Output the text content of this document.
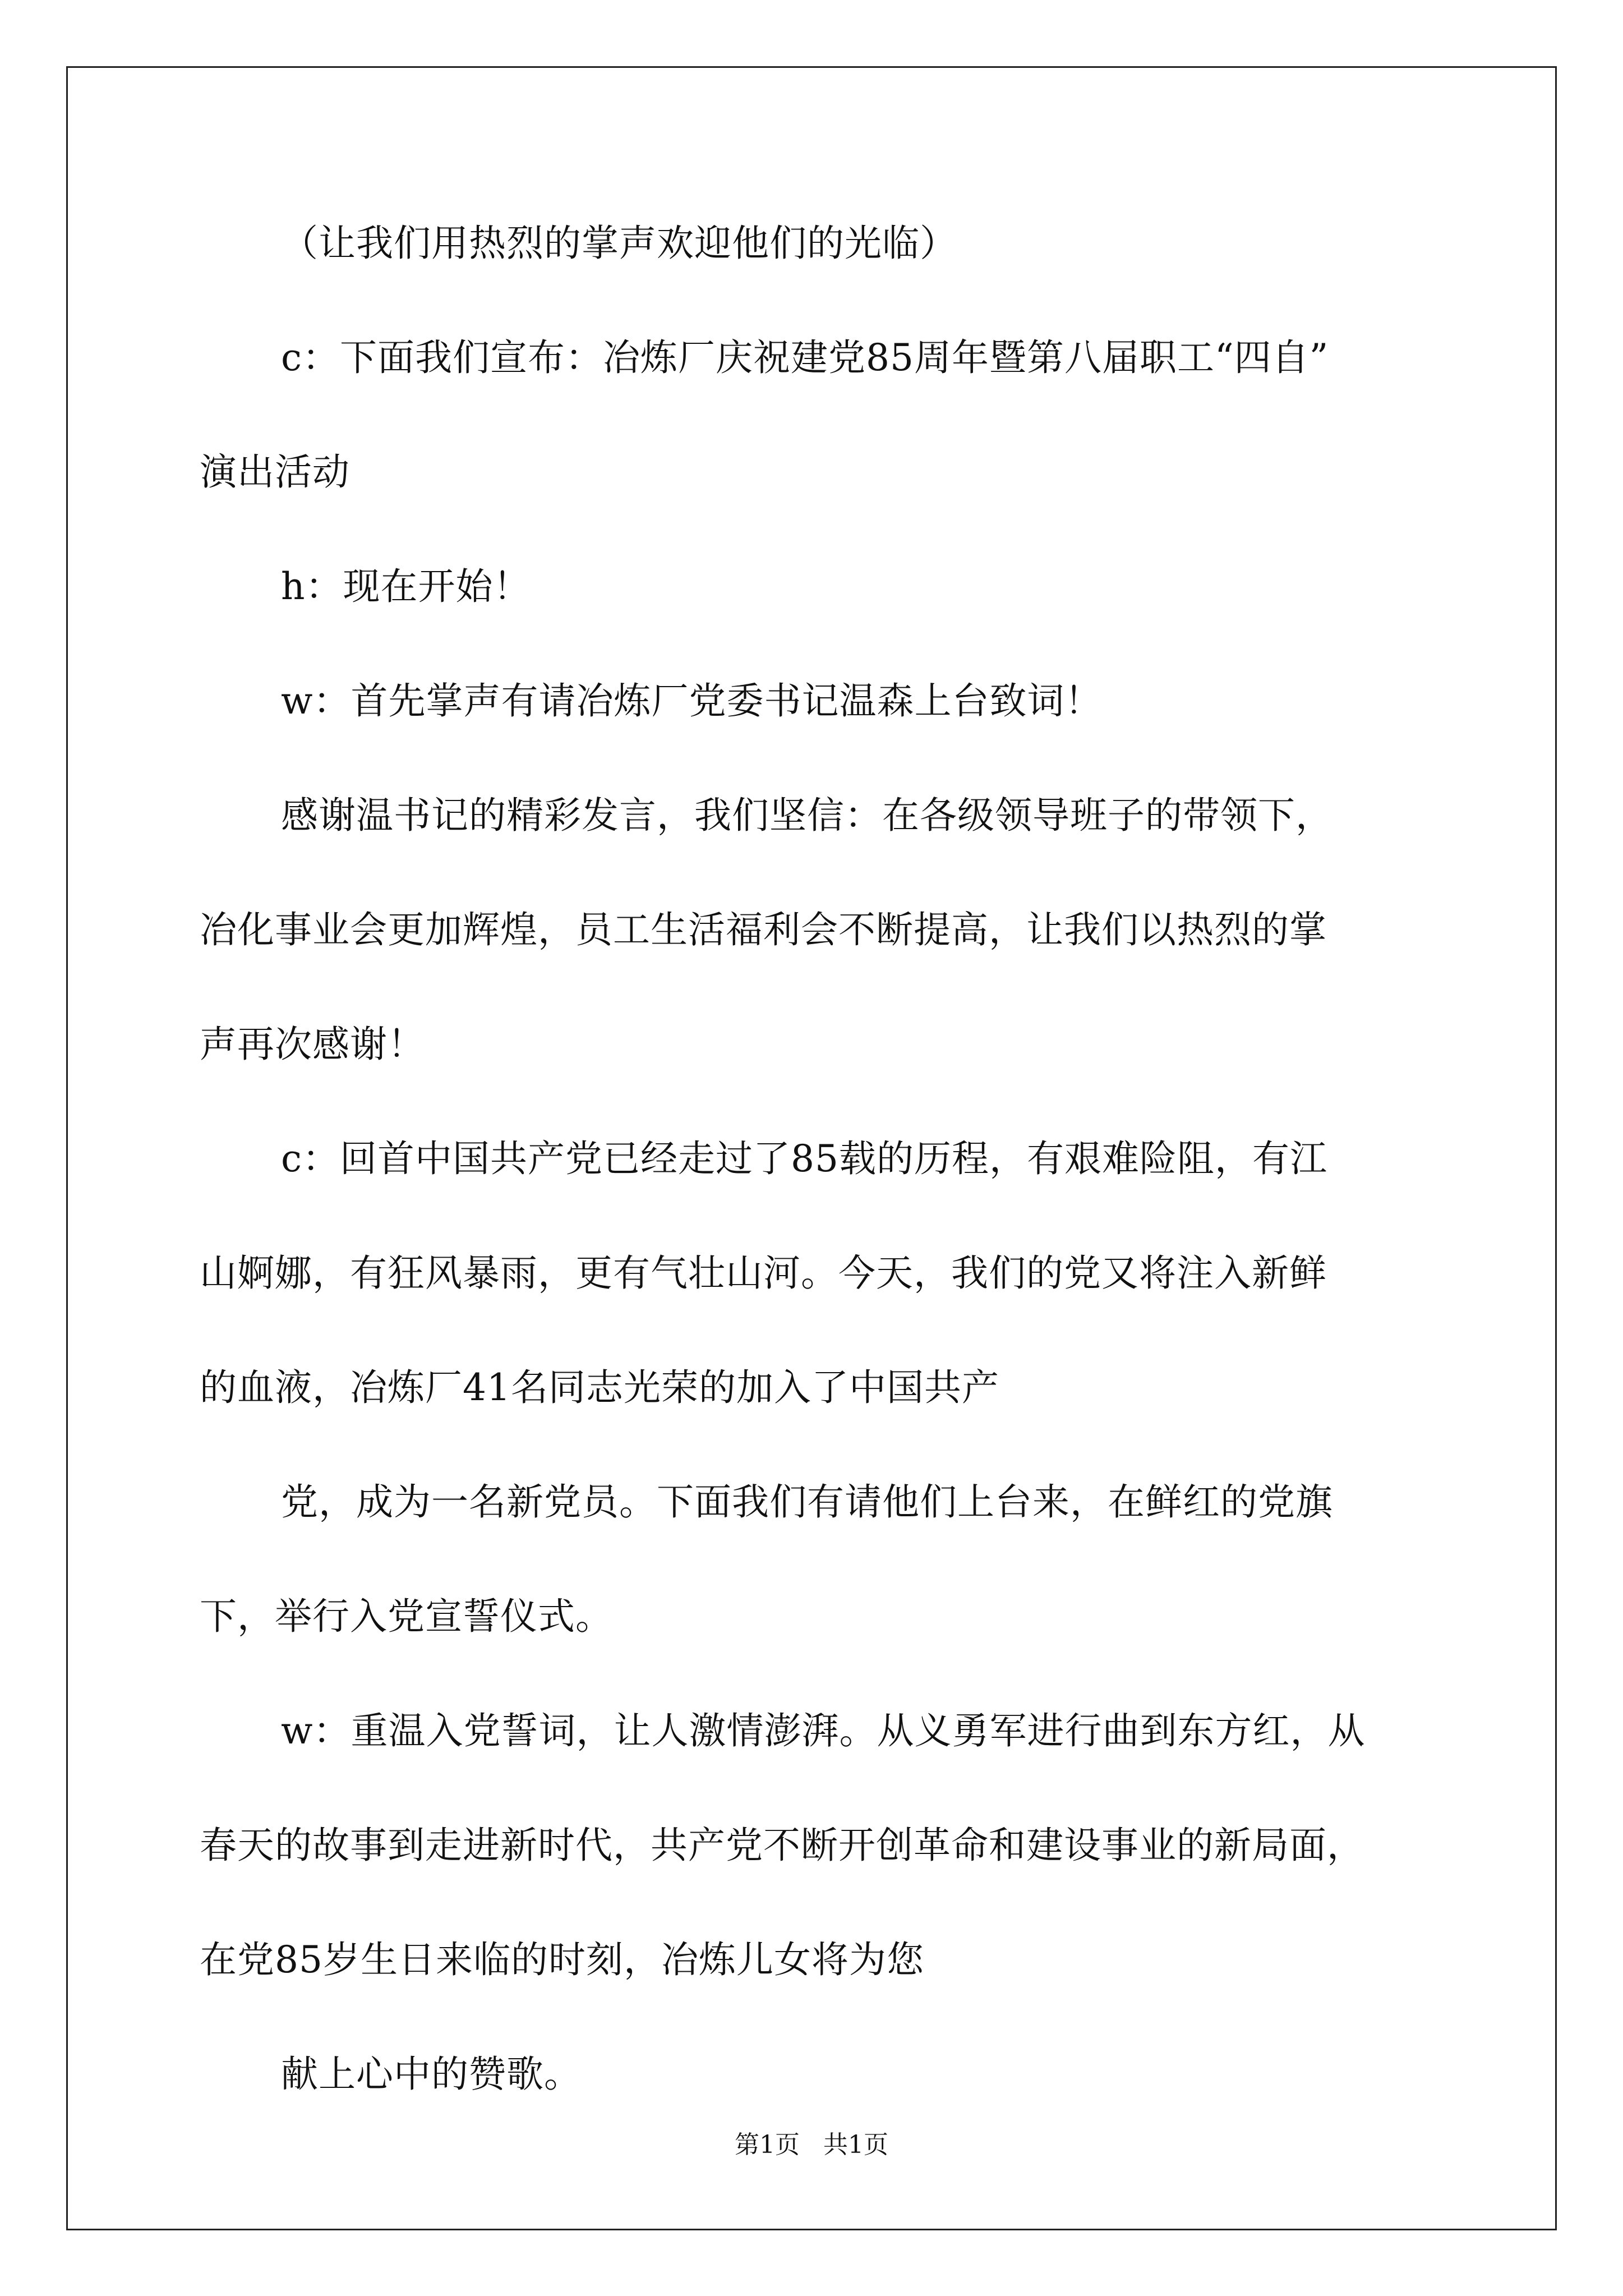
（让我们用热烈的掌声欢迎他们的光临）
c：下面我们宣布：冶炼厂庆祝建党85周年暨第八届职工“四自”
演出活动
h：现在开始！
w：首先掌声有请冶炼厂党委书记温森上台致词！
感谢温书记的精彩发言，我们坚信：在各级领导班子的带领下，
冶化事业会更加辉煌，员工生活福利会不断提高，让我们以热烈的掌
声再次感谢！
c：回首中国共产党已经走过了85载的历程，有艰难险阻，有江
山婀娜，有狂风暴雨，更有气壮山河。今天，我们的党又将注入新鲜
的血液，冶炼厂41名同志光荣的加入了中国共产
党，成为一名新党员。下面我们有请他们上台来，在鲜红的党旗
下，举行入党宣誓仪式。
w：重温入党誓词，让人激情澎湃。从义勇军进行曲到东方红，从
春天的故事到走进新时代，共产党不断开创革命和建设事业的新局面，
在党85岁生日来临的时刻，冶炼儿女将为您
献上心中的赞歌。
第1页 共1页
